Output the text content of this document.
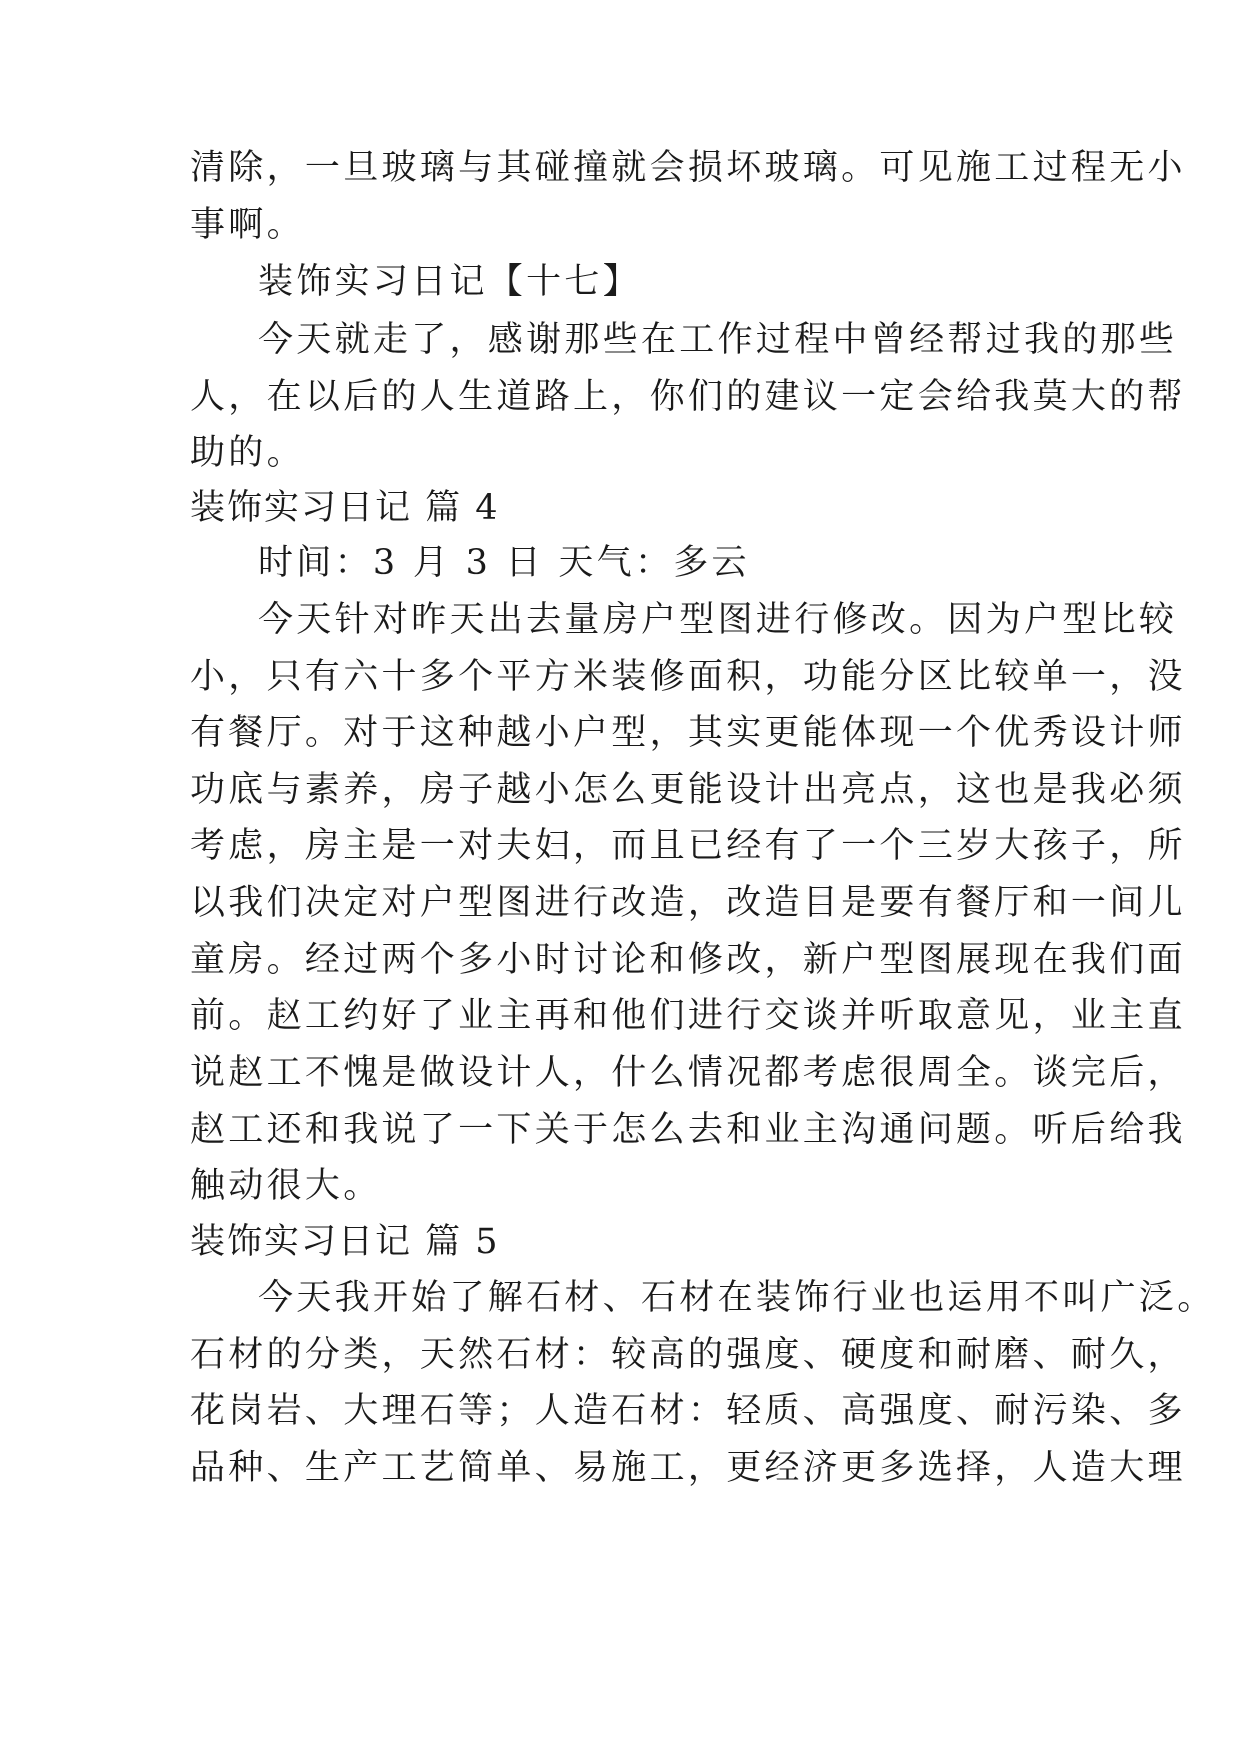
清除，一旦玻璃与其碰撞就会损坏玻璃。可见施工过程无小
事啊。
装饰实习日记【十七】
今天就走了，感谢那些在工作过程中曾经帮过我的那些
人，在以后的人生道路上，你们的建议一定会给我莫大的帮
助的。
装饰实习日记 篇 4
时间：3 月 3 日 天气：多云
今天针对昨天出去量房户型图进行修改。因为户型比较
小，只有六十多个平方米装修面积，功能分区比较单一，没
有餐厅。对于这种越小户型，其实更能体现一个优秀设计师
功底与素养，房子越小怎么更能设计出亮点，这也是我必须
考虑，房主是一对夫妇，而且已经有了一个三岁大孩子，所
以我们决定对户型图进行改造，改造目是要有餐厅和一间儿
童房。经过两个多小时讨论和修改，新户型图展现在我们面
前。赵工约好了业主再和他们进行交谈并听取意见，业主直
说赵工不愧是做设计人，什么情况都考虑很周全。谈完后，
赵工还和我说了一下关于怎么去和业主沟通问题。听后给我
触动很大。
装饰实习日记 篇 5
今天我开始了解石材、石材在装饰行业也运用不叫广泛。
石材的分类，天然石材：较高的强度、硬度和耐磨、耐久，
花岗岩、大理石等；人造石材：轻质、高强度、耐污染、多
品种、生产工艺简单、易施工，更经济更多选择，人造大理
